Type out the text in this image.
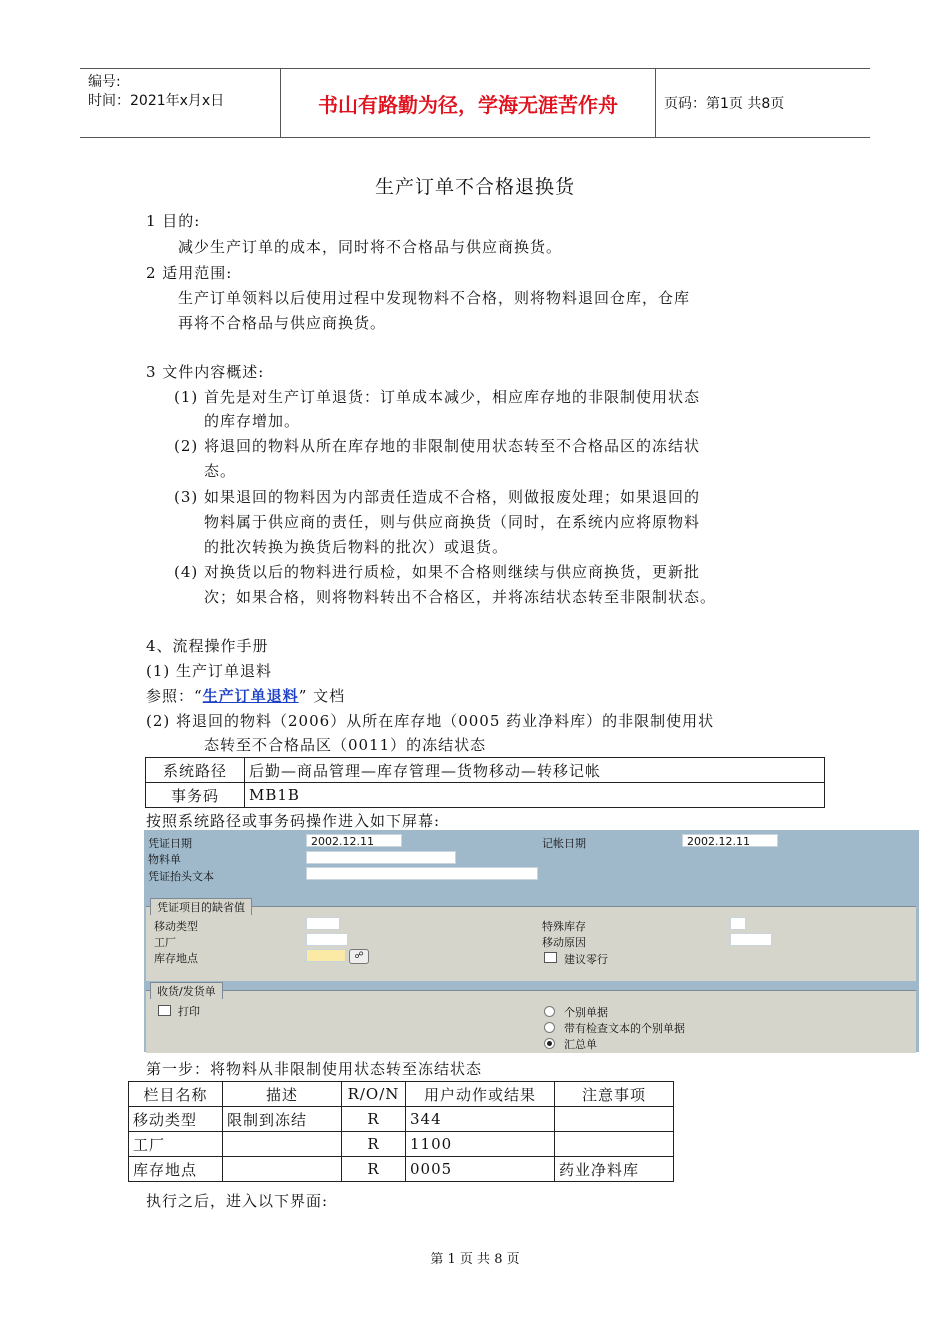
编号:
时间：2021年x月x日	书山有路勤为径，学海无涯苦作舟	页码：第1页 共8页
生产订单不合格退换货
1 目的:
减少生产订单的成本，同时将不合格品与供应商换货。
2 适用范围:
生产订单领料以后使用过程中发现物料不合格，则将物料退回仓库，仓库
再将不合格品与供应商换货。
3 文件内容概述:
(1) 首先是对生产订单退货：订单成本减少，相应库存地的非限制使用状态
的库存增加。
(2) 将退回的物料从所在库存地的非限制使用状态转至不合格品区的冻结状
态。
(3) 如果退回的物料因为内部责任造成不合格，则做报废处理；如果退回的
物料属于供应商的责任，则与供应商换货（同时，在系统内应将原物料
的批次转换为换货后物料的批次）或退货。
(4) 对换货以后的物料进行质检，如果不合格则继续与供应商换货，更新批
次；如果合格，则将物料转出不合格区，并将冻结状态转至非限制状态。
4、流程操作手册
(1) 生产订单退料
参照：“生产订单退料” 文档
(2) 将退回的物料（2006）从所在库存地（0005 药业净料库）的非限制使用状
态转至不合格品区（0011）的冻结状态
系统路径	后勤—商品管理—库存管理—货物移动—转移记帐
事务码	MB1B
按照系统路径或事务码操作进入如下屏幕:
凭证日期	2002.12.11	记帐日期	2002.12.11
物料单
凭证抬头文本
凭证项目的缺省值
移动类型
工厂
库存地点	☍
特殊库存
移动原因
建议零行
收货/发货单
打印	个别单据
带有检查文本的个别单据
汇总单
第一步：将物料从非限制使用状态转至冻结状态
栏目名称	描述	R/O/N	用户动作或结果	注意事项
移动类型	限制到冻结	R	344	
工厂		R	1100	
库存地点		R	0005	药业净料库
执行之后，进入以下界面:
第 1 页 共 8 页
